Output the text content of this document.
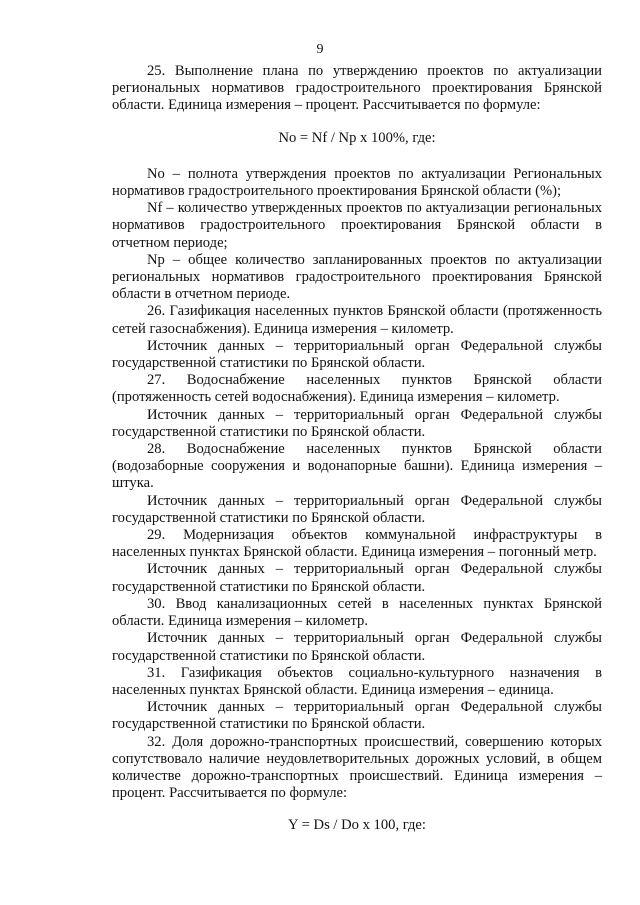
9

25. Выполнение плана по утверждению проектов по актуализации региональных нормативов градостроительного проектирования Брянской области. Единица измерения – процент. Рассчитывается по формуле:

No = Nf / Np x 100%, где:

No – полнота утверждения проектов по актуализации Региональных нормативов градостроительного проектирования Брянской области (%);

Nf – количество утвержденных проектов по актуализации региональных нормативов градостроительного проектирования Брянской области в отчетном периоде;

Np – общее количество запланированных проектов по актуализации региональных нормативов градостроительного проектирования Брянской области в отчетном периоде.

26. Газификация населенных пунктов Брянской области (протяженность сетей газоснабжения). Единица измерения – километр.

Источник данных – территориальный орган Федеральной службы государственной статистики по Брянской области.

27. Водоснабжение населенных пунктов Брянской области (протяженность сетей водоснабжения). Единица измерения – километр.

Источник данных – территориальный орган Федеральной службы государственной статистики по Брянской области.

28. Водоснабжение населенных пунктов Брянской области (водозаборные сооружения и водонапорные башни). Единица измерения – штука.

Источник данных – территориальный орган Федеральной службы государственной статистики по Брянской области.

29. Модернизация объектов коммунальной инфраструктуры в населенных пунктах Брянской области. Единица измерения – погонный метр.

Источник данных – территориальный орган Федеральной службы государственной статистики по Брянской области.

30. Ввод канализационных сетей в населенных пунктах Брянской области. Единица измерения – километр.

Источник данных – территориальный орган Федеральной службы государственной статистики по Брянской области.

31. Газификация объектов социально-культурного назначения в населенных пунктах Брянской области. Единица измерения – единица.

Источник данных – территориальный орган Федеральной службы государственной статистики по Брянской области.

32. Доля дорожно-транспортных происшествий, совершению которых сопутствовало наличие неудовлетворительных дорожных условий, в общем количестве дорожно-транспортных происшествий. Единица измерения – процент. Рассчитывается по формуле:

Y = Ds / Do x 100, где:
